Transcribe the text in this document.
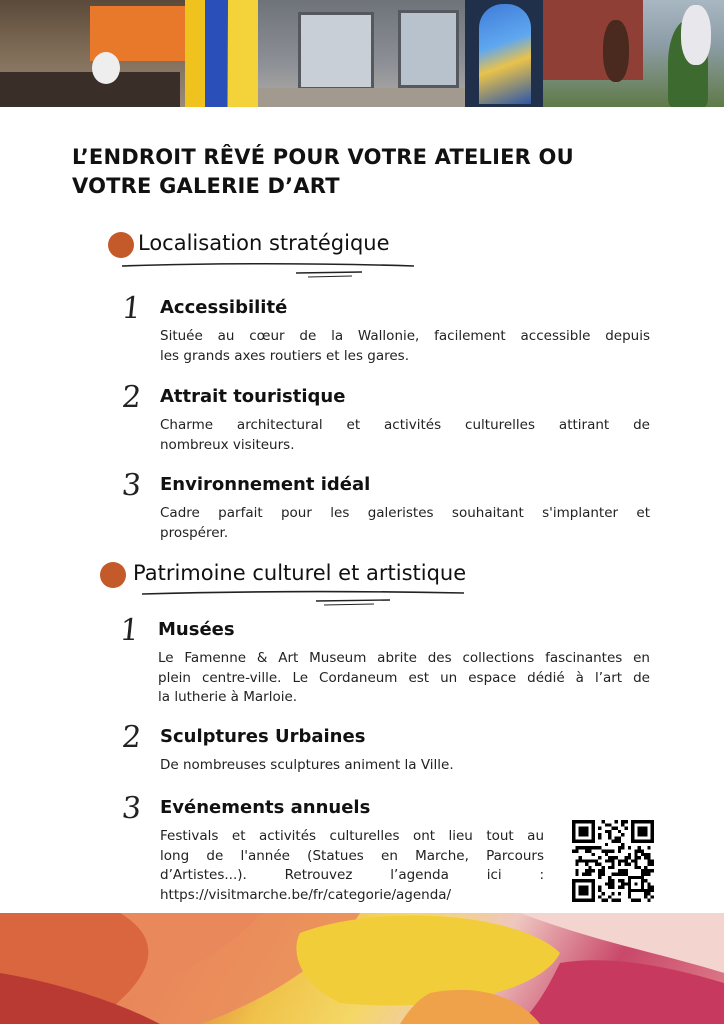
L’ENDROIT RÊVÉ POUR VOTRE ATELIER OU
VOTRE GALERIE D’ART
Localisation stratégique
1 Accessibilité
Située au cœur de la Wallonie, facilement accessible depuis
les grands axes routiers et les gares.
2 Attrait touristique
Charme architectural et activités culturelles attirant de
nombreux visiteurs.
3 Environnement idéal
Cadre parfait pour les galeristes souhaitant s'implanter et
prospérer.
Patrimoine culturel et artistique
1 Musées
Le Famenne & Art Museum abrite des collections fascinantes en
plein centre-ville. Le Cordaneum est un espace dédié à l’art de
la lutherie à Marloie.
2 Sculptures Urbaines
De nombreuses sculptures animent la Ville.
3 Evénements annuels
Festivals et activités culturelles ont lieu tout au
long de l'année (Statues en Marche, Parcours
d’Artistes...). Retrouvez l’agenda ici :
https://visitmarche.be/fr/categorie/agenda/
